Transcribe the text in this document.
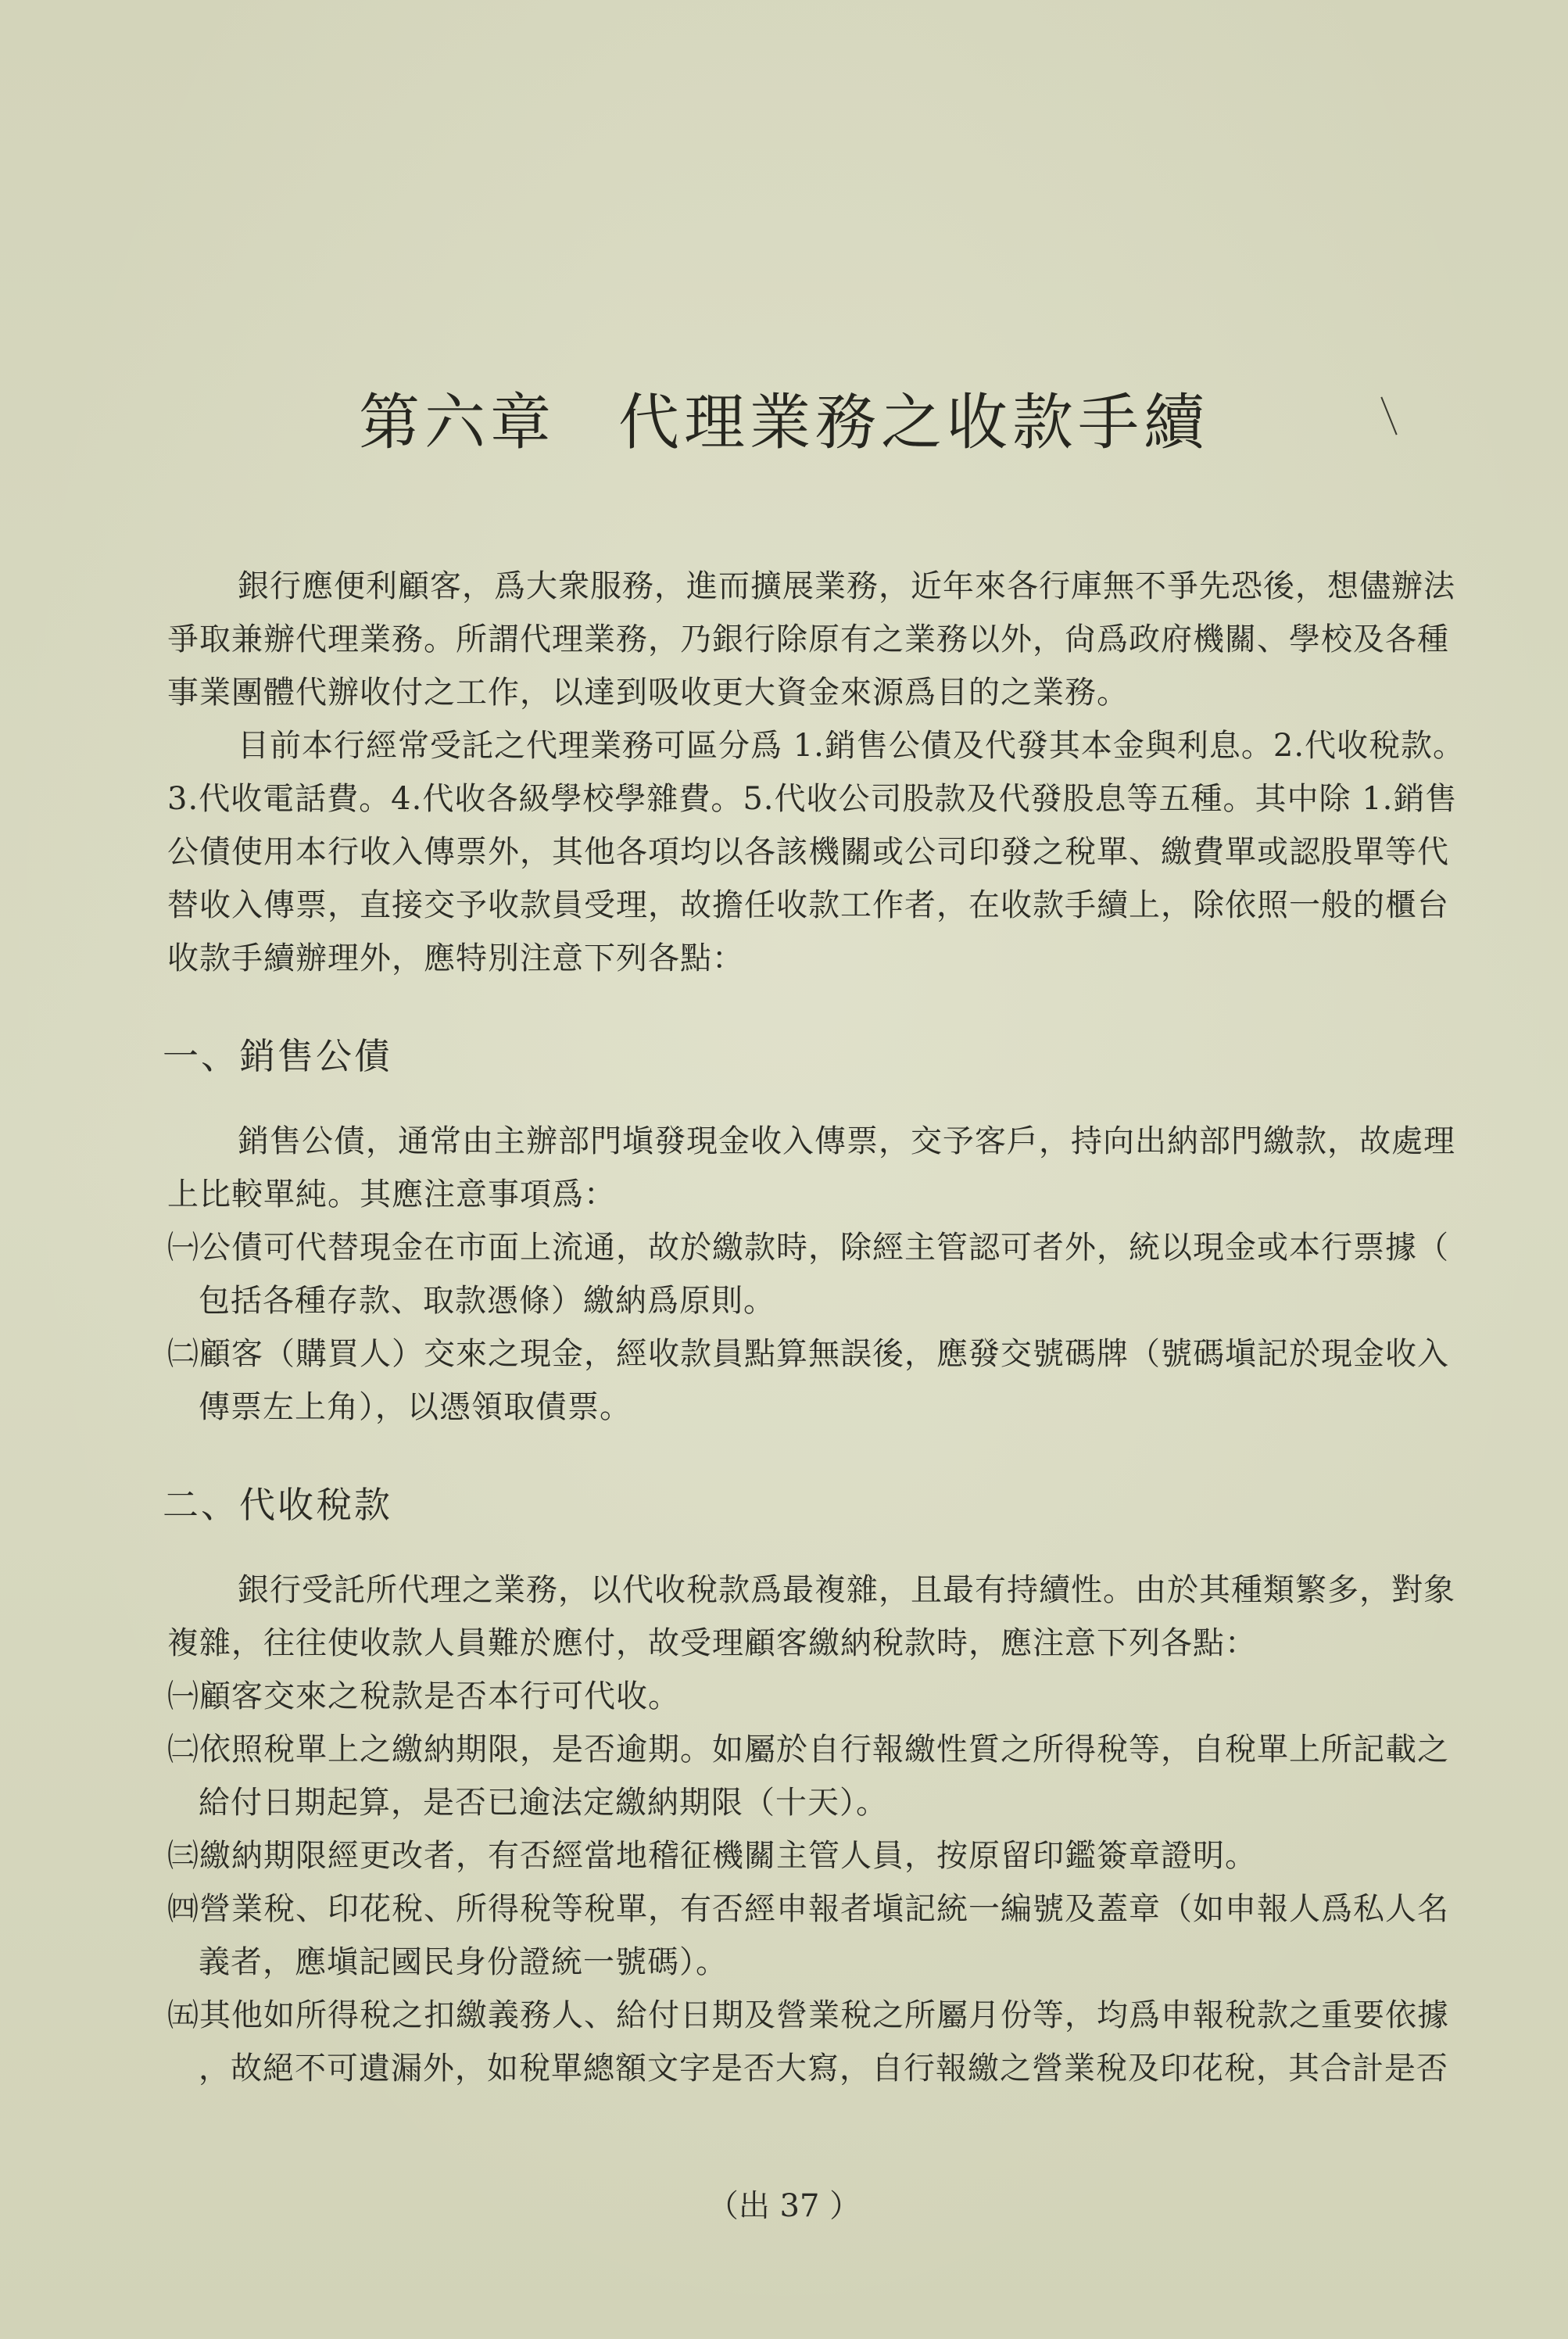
第六章 代理業務之收款手續
銀行應便利顧客，爲大衆服務，進而擴展業務，近年來各行庫無不爭先恐後，想儘辦法
爭取兼辦代理業務。所謂代理業務，乃銀行除原有之業務以外，尙爲政府機關、學校及各種
事業團體代辦收付之工作，以達到吸收更大資金來源爲目的之業務。
目前本行經常受託之代理業務可區分爲 1.銷售公債及代發其本金與利息。2.代收稅款。
3.代收電話費。4.代收各級學校學雜費。5.代收公司股款及代發股息等五種。其中除 1.銷售
公債使用本行收入傳票外，其他各項均以各該機關或公司印發之稅單、繳費單或認股單等代
替收入傳票，直接交予收款員受理，故擔任收款工作者，在收款手續上，除依照一般的櫃台
收款手續辦理外，應特別注意下列各點：
一、銷售公債
銷售公債，通常由主辦部門塡發現金收入傳票，交予客戶，持向出納部門繳款，故處理
上比較單純。其應注意事項爲：
㈠公債可代替現金在市面上流通，故於繳款時，除經主管認可者外，統以現金或本行票據（
包括各種存款、取款憑條）繳納爲原則。
㈡顧客（購買人）交來之現金，經收款員點算無誤後，應發交號碼牌（號碼塡記於現金收入
傳票左上角），以憑領取債票。
二、代收稅款
銀行受託所代理之業務，以代收稅款爲最複雜，且最有持續性。由於其種類繁多，對象
複雜，往往使收款人員難於應付，故受理顧客繳納稅款時，應注意下列各點：
㈠顧客交來之稅款是否本行可代收。
㈡依照稅單上之繳納期限，是否逾期。如屬於自行報繳性質之所得稅等，自稅單上所記載之
給付日期起算，是否已逾法定繳納期限（十天）。
㈢繳納期限經更改者，有否經當地稽征機關主管人員，按原留印鑑簽章證明。
㈣營業稅、印花稅、所得稅等稅單，有否經申報者塡記統一編號及蓋章（如申報人爲私人名
義者，應塡記國民身份證統一號碼）。
㈤其他如所得稅之扣繳義務人、給付日期及營業稅之所屬月份等，均爲申報稅款之重要依據
，故絕不可遺漏外，如稅單總額文字是否大寫，自行報繳之營業稅及印花稅，其合計是否
（出 37 ）
